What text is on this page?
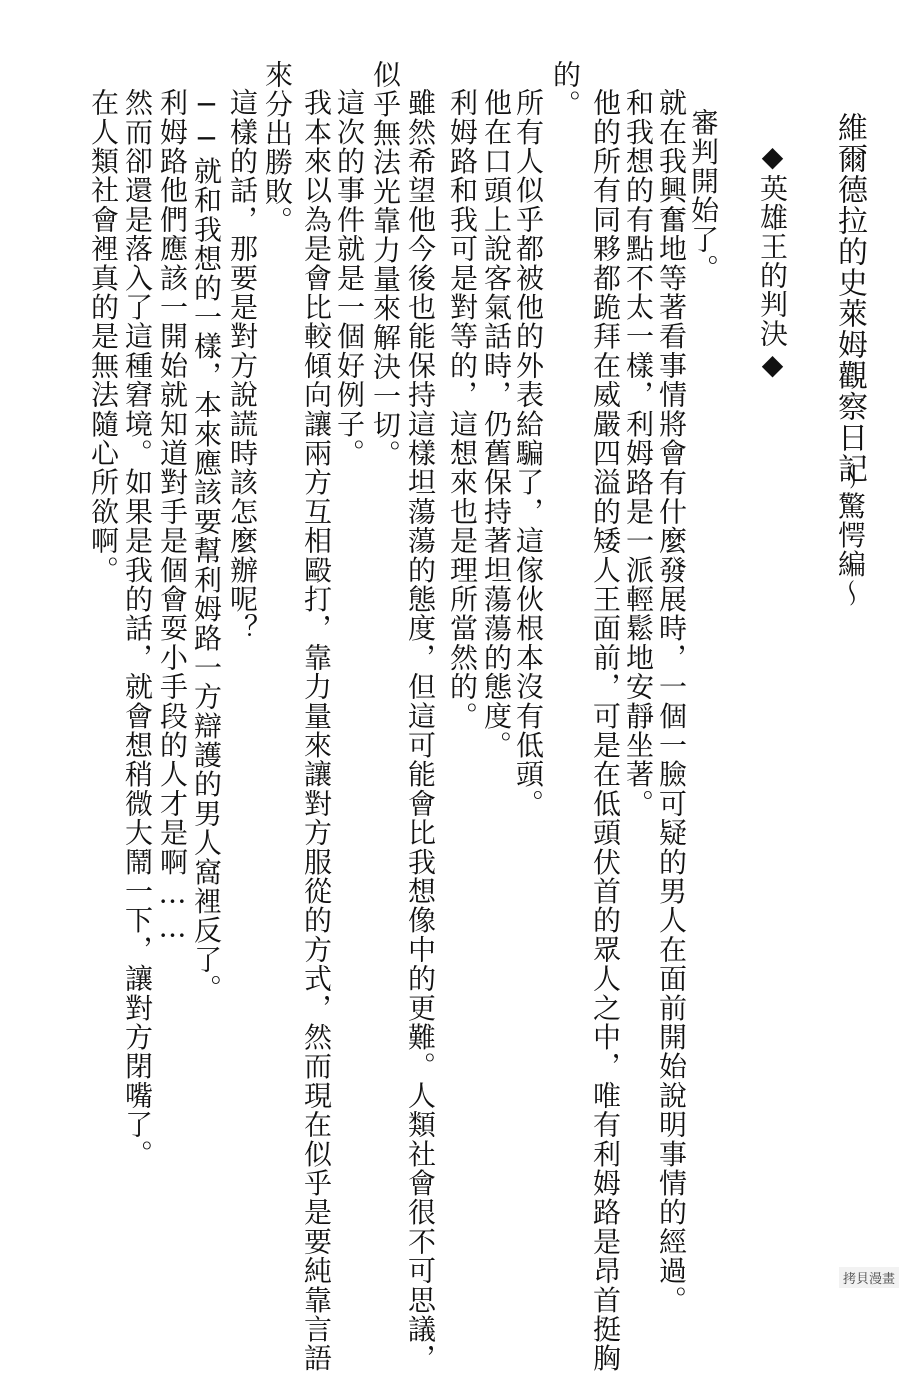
維爾德拉的史萊姆觀察日記
～驚愕編～
◆英雄王的判決◆
審判開始了。
就在我興奮地等著看事情將會有什麼發展時，一個一臉可疑的男人在面前開始說明事情的經過。
和我想的有點不太一樣，利姆路是一派輕鬆地安靜坐著。
他的所有同夥都跪拜在威嚴四溢的矮人王面前，可是在低頭伏首的眾人之中，唯有利姆路是昂首挺胸
的。
所有人似乎都被他的外表給騙了，這傢伙根本沒有低頭。
他在口頭上說客氣話時，仍舊保持著坦蕩蕩的態度。
利姆路和我可是對等的，這想來也是理所當然的。
雖然希望他今後也能保持這樣坦蕩蕩的態度，但這可能會比我想像中的更難。人類社會很不可思議，
似乎無法光靠力量來解決一切。
這次的事件就是一個好例子。
我本來以為是會比較傾向讓兩方互相毆打，靠力量來讓對方服從的方式，然而現在似乎是要純靠言語
來分出勝敗。
這樣的話，那要是對方說謊時該怎麼辦呢？
──就和我想的一樣，本來應該要幫利姆路一方辯護的男人窩裡反了。
利姆路他們應該一開始就知道對手是個會耍小手段的人才是啊……
然而卻還是落入了這種窘境。如果是我的話，就會想稍微大鬧一下，讓對方閉嘴了。
在人類社會裡真的是無法隨心所欲啊。
拷貝漫畫
